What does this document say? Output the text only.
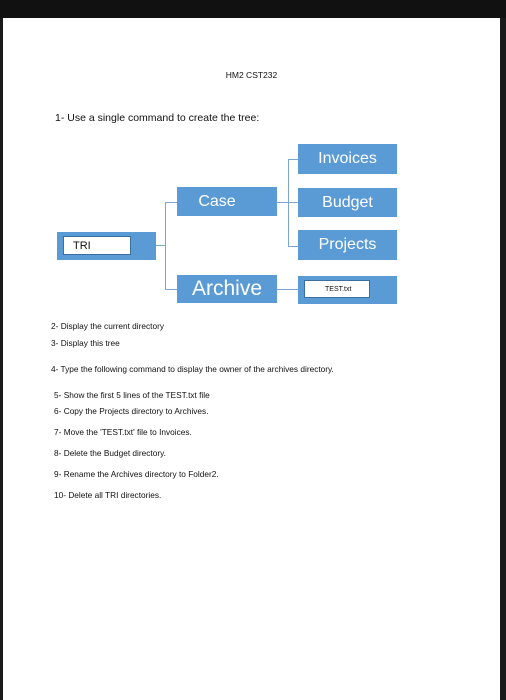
HM2 CST232
1- Use a single command to create the tree:
TRI
Case
Archive
Invoices
Budget
Projects
TEST.txt
2- Display the current directory
3- Display this tree
4- Type the following command to display the owner of the archives directory.
5- Show the first 5 lines of the TEST.txt file
6- Copy the Projects directory to Archives.
7- Move the 'TEST.txt' file to Invoices.
8- Delete the Budget directory.
9- Rename the Archives directory to Folder2.
10- Delete all TRI directories.
